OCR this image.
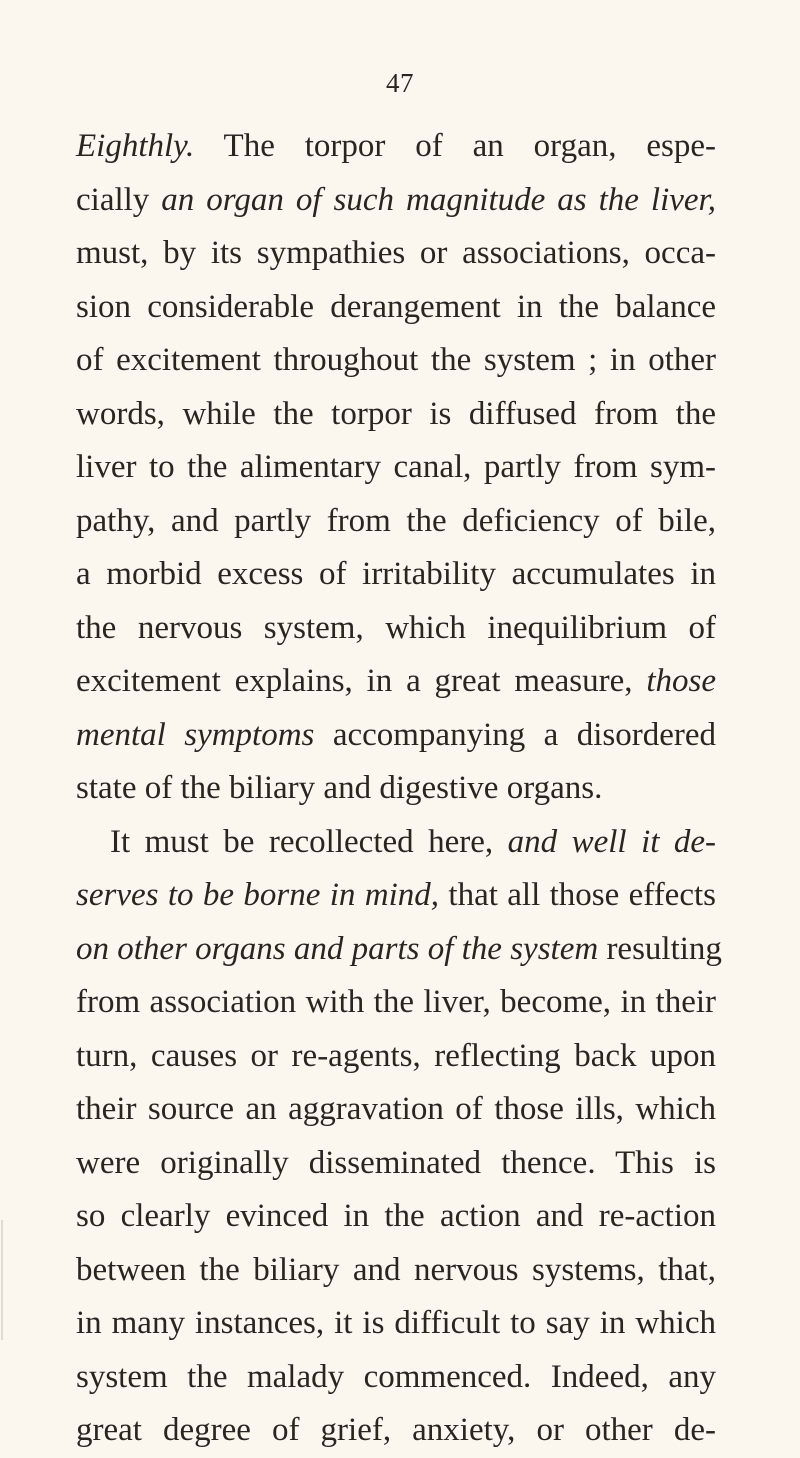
47
Eighthly. The torpor of an organ, espe-
cially an organ of such magnitude as the liver,
must, by its sympathies or associations, occa-
sion considerable derangement in the balance
of excitement throughout the system ; in other
words, while the torpor is diffused from the
liver to the alimentary canal, partly from sym-
pathy, and partly from the deficiency of bile,
a morbid excess of irritability accumulates in
the nervous system, which inequilibrium of
excitement explains, in a great measure, those
mental symptoms accompanying a disordered
state of the biliary and digestive organs.
It must be recollected here, and well it de-
serves to be borne in mind, that all those effects
on other organs and parts of the system resulting
from association with the liver, become, in their
turn, causes or re-agents, reflecting back upon
their source an aggravation of those ills, which
were originally disseminated thence. This is
so clearly evinced in the action and re-action
between the biliary and nervous systems, that,
in many instances, it is difficult to say in which
system the malady commenced. Indeed, any
great degree of grief, anxiety, or other de-
